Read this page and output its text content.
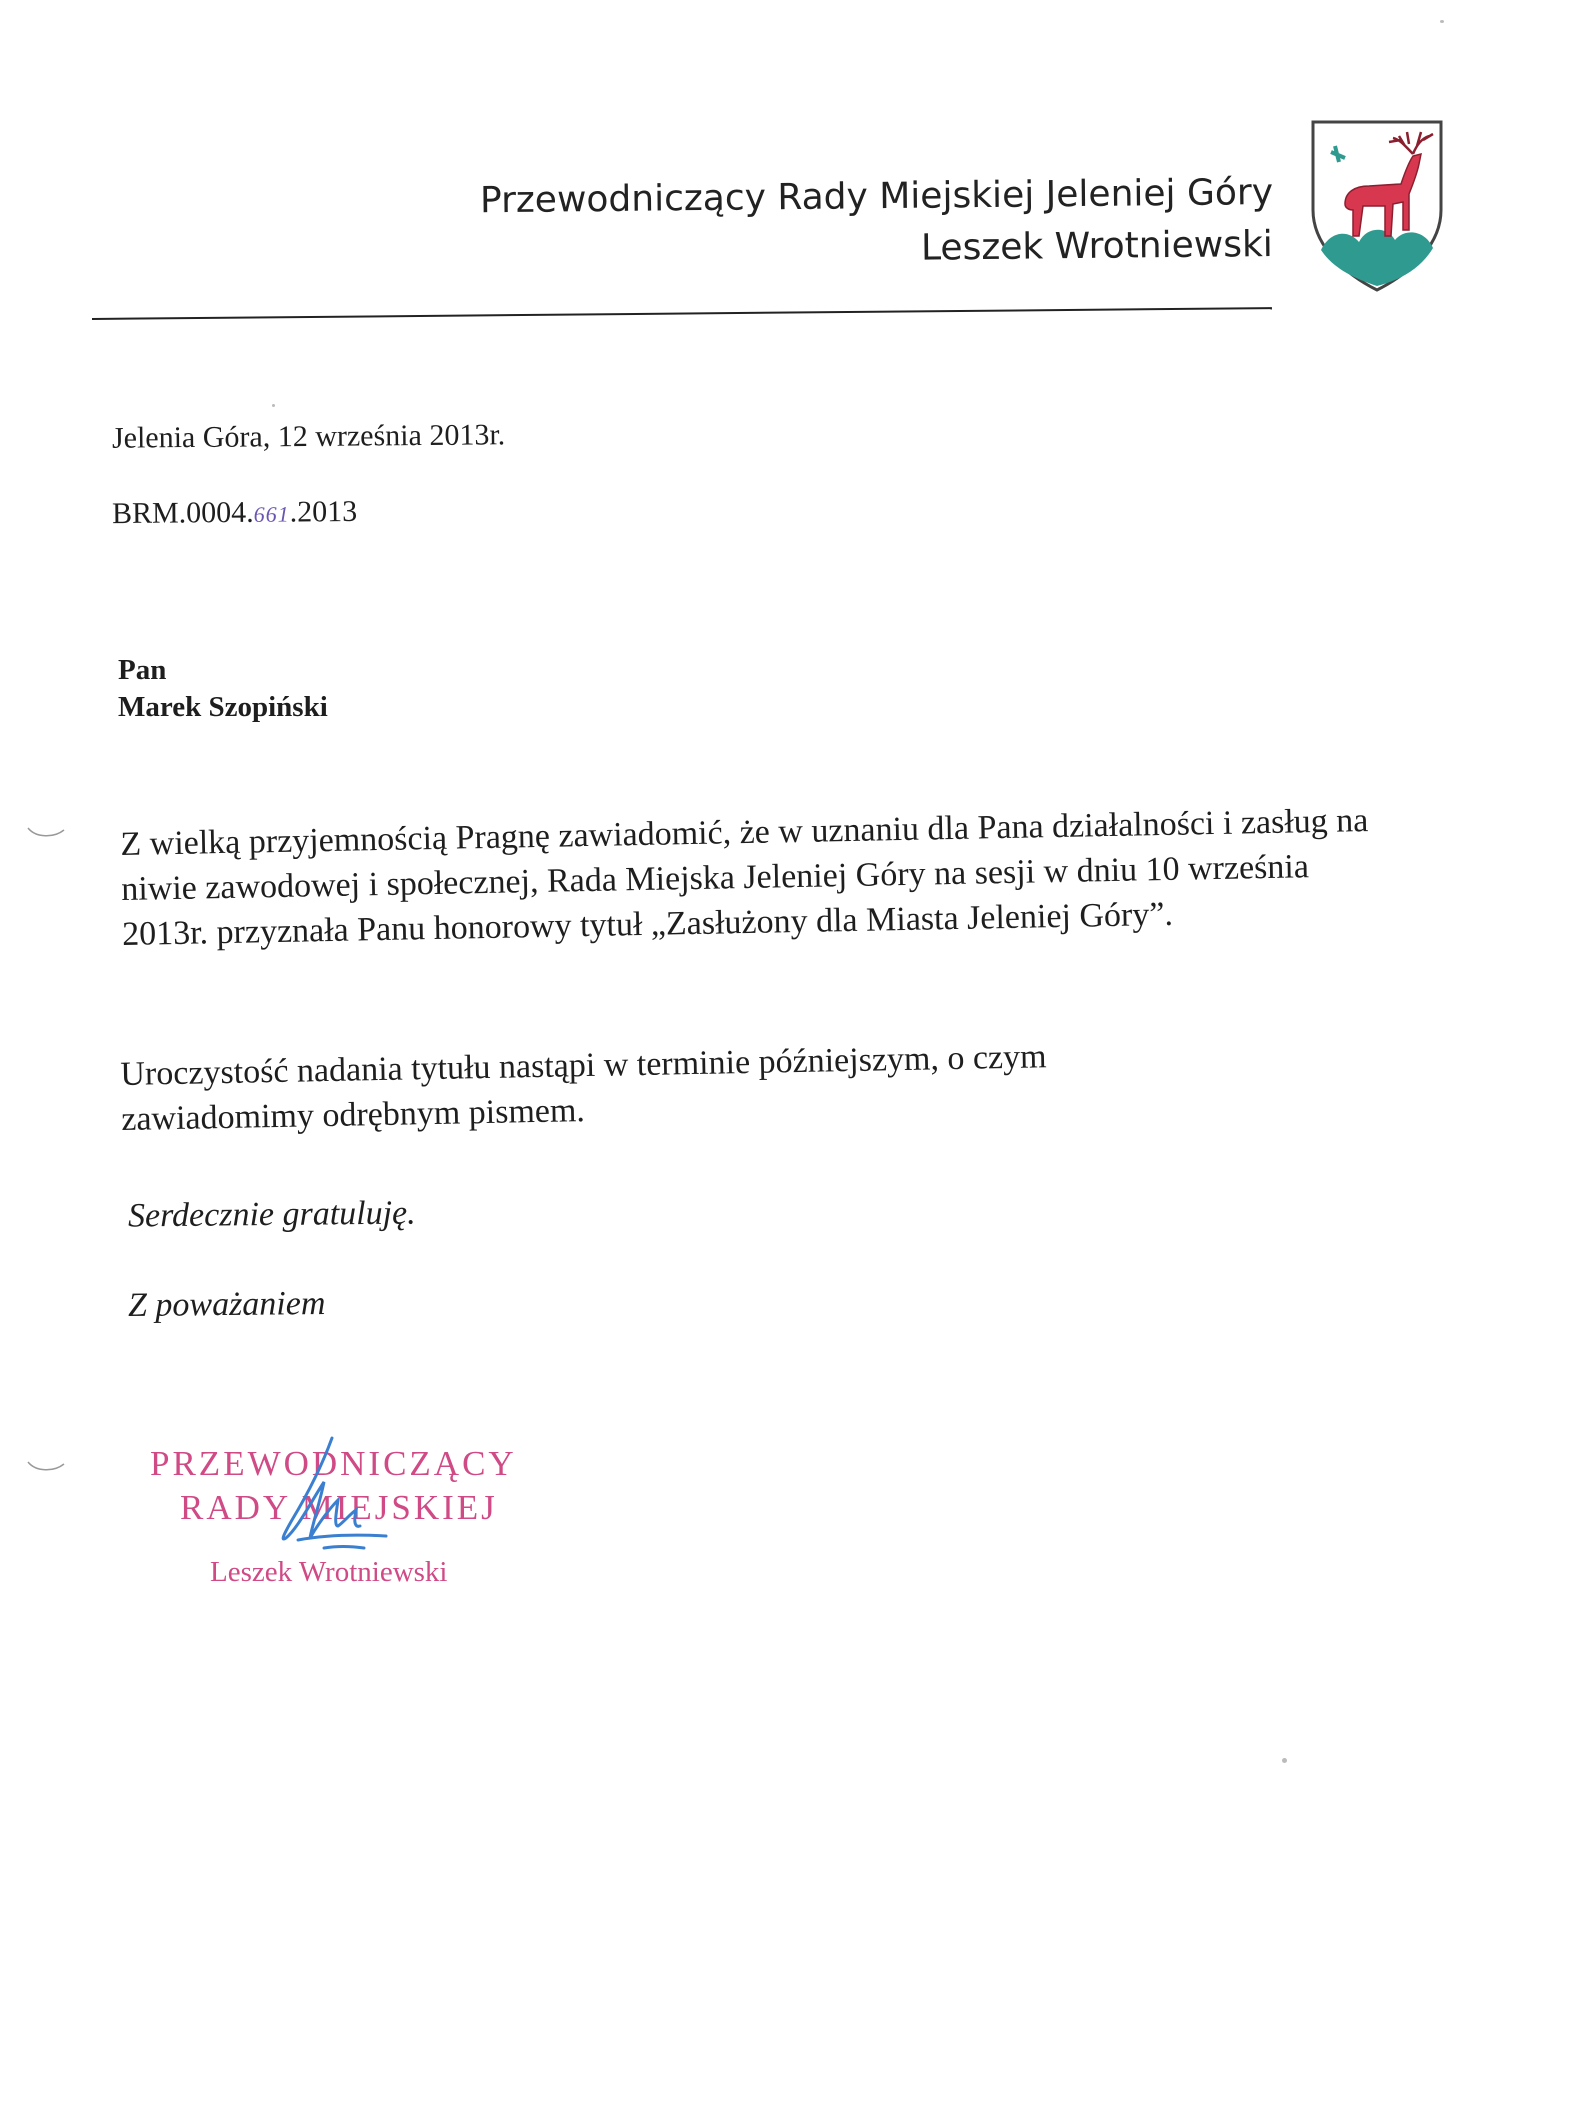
Przewodniczący Rady Miejskiej Jeleniej Góry
Leszek Wrotniewski
Jelenia Góra, 12 września 2013r.
BRM.0004.661.2013
Pan
Marek Szopiński
Z wielką przyjemnością Pragnę zawiadomić, że w uznaniu dla Pana działalności i zasług na niwie zawodowej i społecznej, Rada Miejska Jeleniej Góry na sesji w dniu 10 września 2013r. przyznała Panu honorowy tytuł „Zasłużony dla Miasta Jeleniej Góry”.
Uroczystość nadania tytułu nastąpi w terminie późniejszym, o czym zawiadomimy odrębnym pismem.
Serdecznie gratuluję.
Z poważaniem
PRZEWODNICZĄCY
RADY MIEJSKIEJ
Leszek Wrotniewski
